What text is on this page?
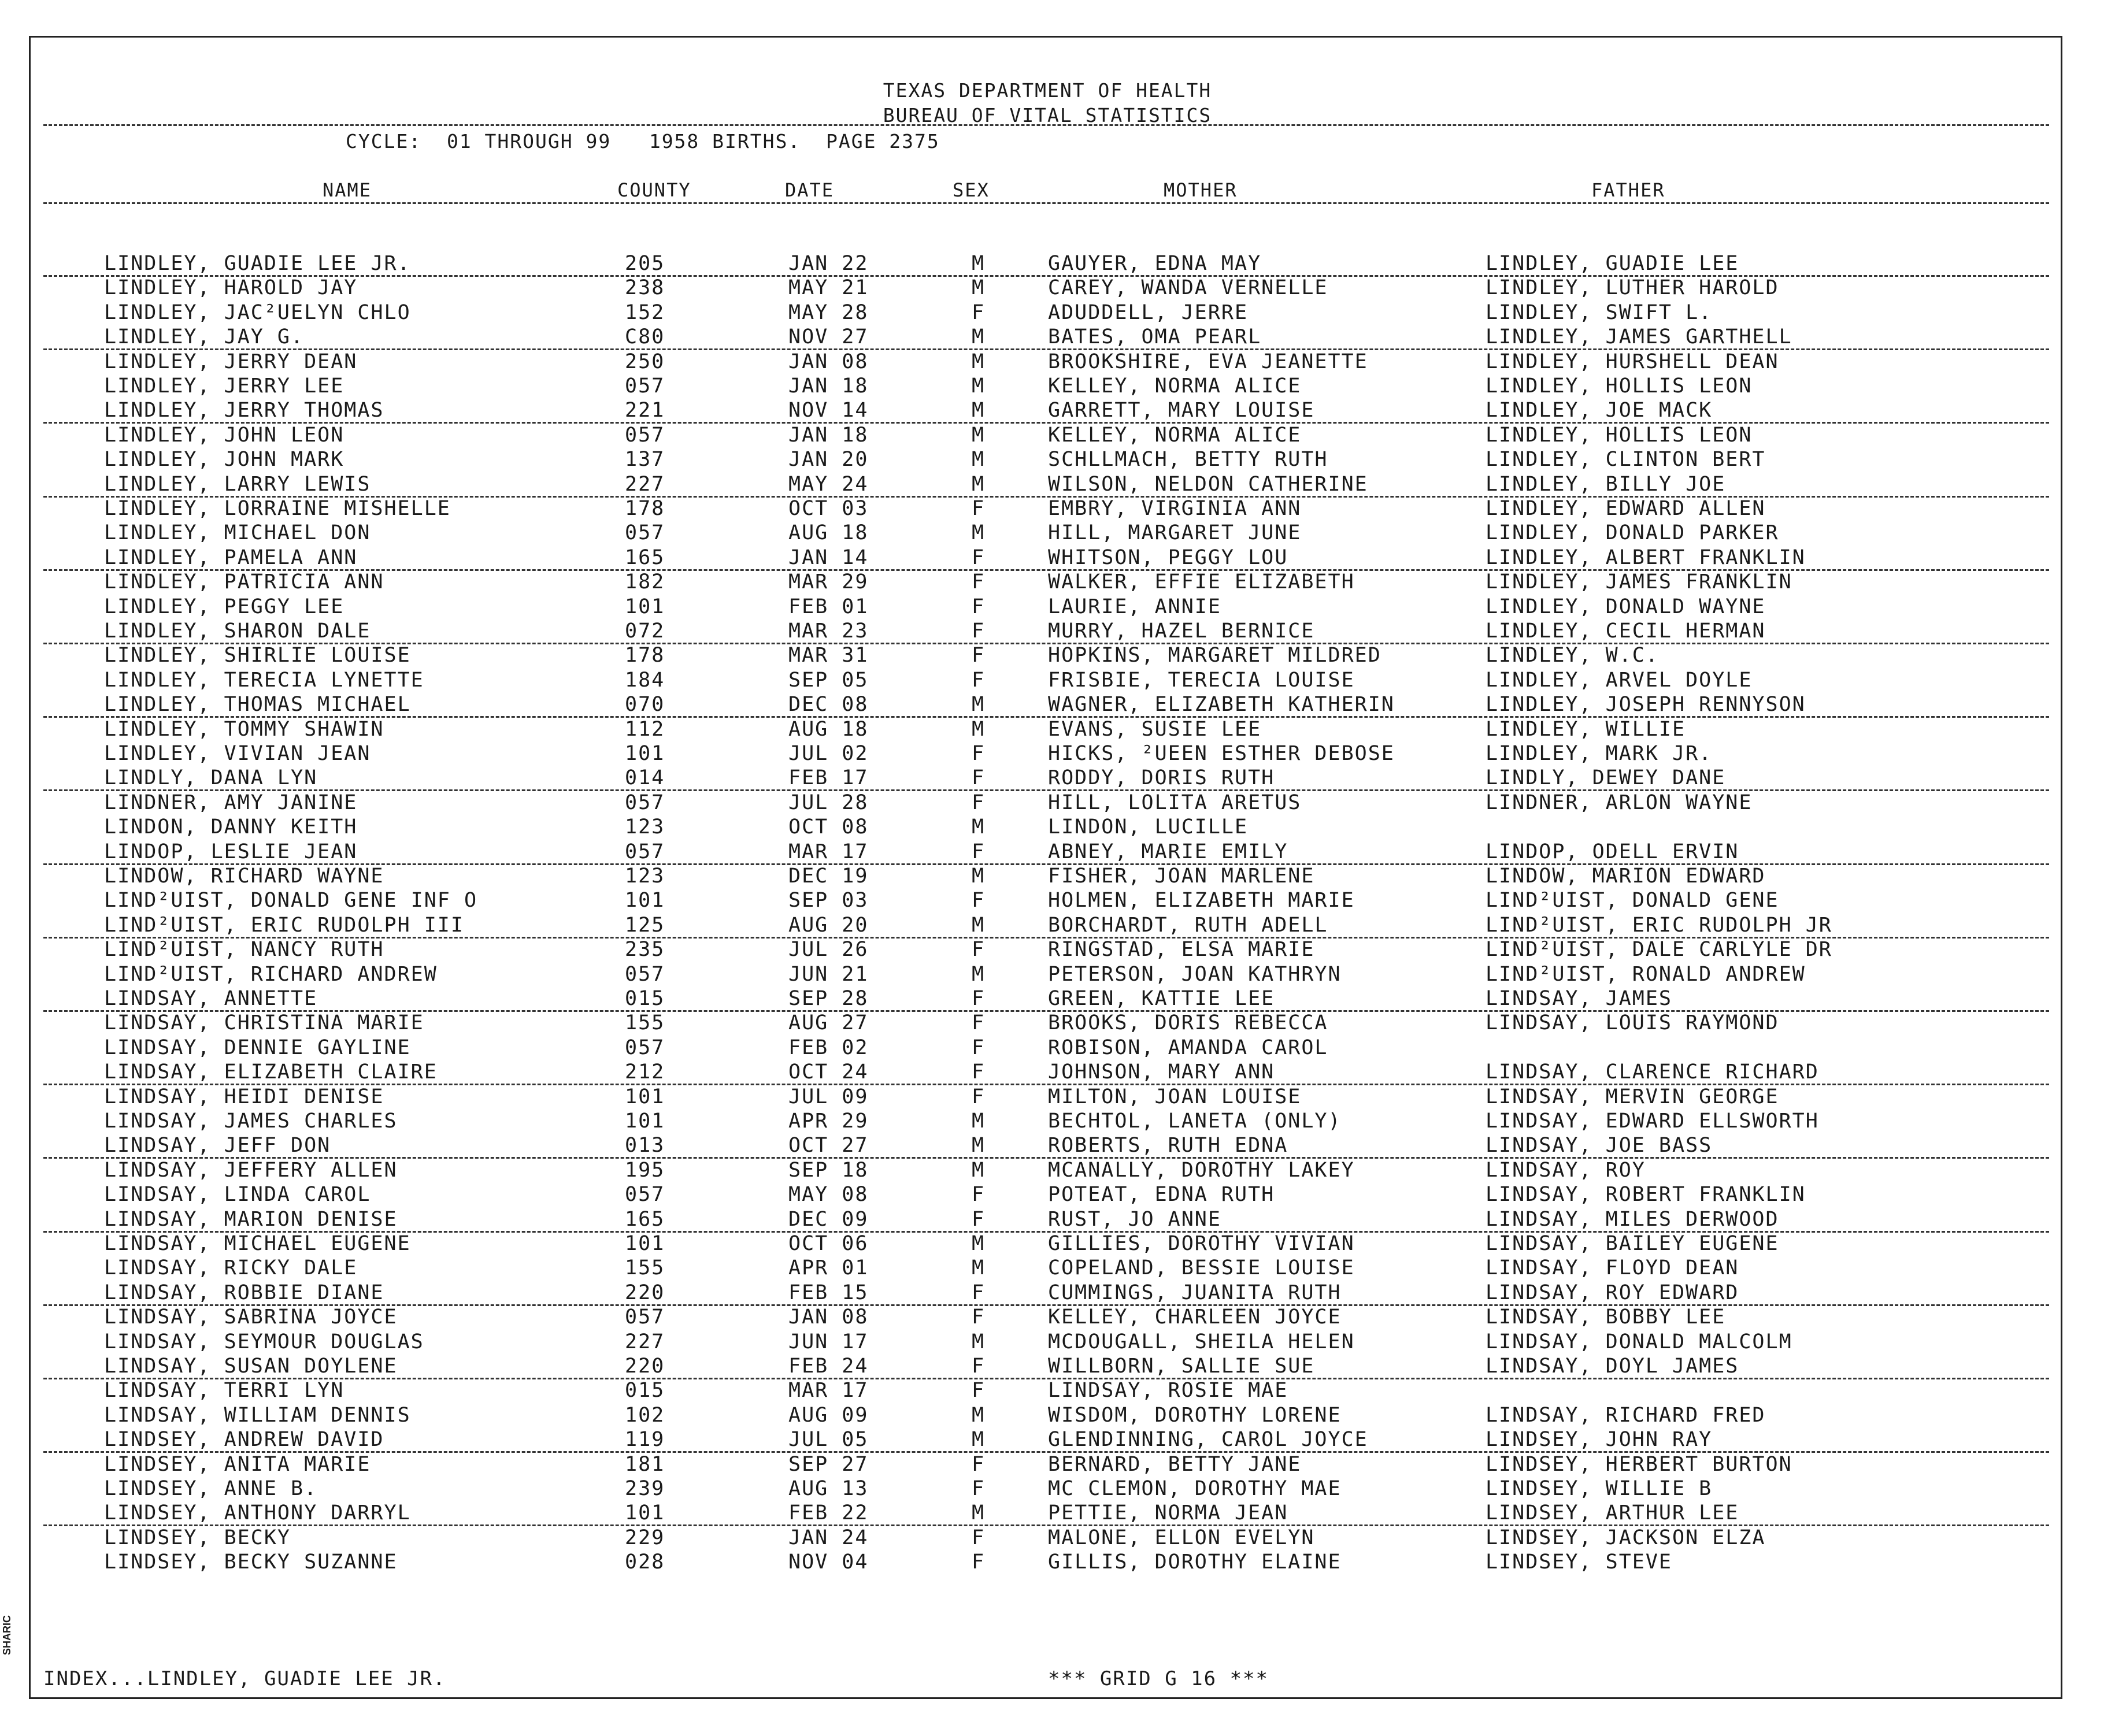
TEXAS DEPARTMENT OF HEALTH
BUREAU OF VITAL STATISTICS
CYCLE:  01 THROUGH 99   1958 BIRTHS.  PAGE 2375
NAME	COUNTY	DATE	SEX	MOTHER	FATHER
LINDLEY, GUADIE LEE JR.	205	JAN 22	M	GAUYER, EDNA MAY	LINDLEY, GUADIE LEE
LINDLEY, HAROLD JAY	238	MAY 21	M	CAREY, WANDA VERNELLE	LINDLEY, LUTHER HAROLD
LINDLEY, JAC²UELYN CHLO	152	MAY 28	F	ADUDDELL, JERRE	LINDLEY, SWIFT L.
LINDLEY, JAY G.	C80	NOV 27	M	BATES, OMA PEARL	LINDLEY, JAMES GARTHELL
LINDLEY, JERRY DEAN	250	JAN 08	M	BROOKSHIRE, EVA JEANETTE	LINDLEY, HURSHELL DEAN
LINDLEY, JERRY LEE	057	JAN 18	M	KELLEY, NORMA ALICE	LINDLEY, HOLLIS LEON
LINDLEY, JERRY THOMAS	221	NOV 14	M	GARRETT, MARY LOUISE	LINDLEY, JOE MACK
LINDLEY, JOHN LEON	057	JAN 18	M	KELLEY, NORMA ALICE	LINDLEY, HOLLIS LEON
LINDLEY, JOHN MARK	137	JAN 20	M	SCHLLMACH, BETTY RUTH	LINDLEY, CLINTON BERT
LINDLEY, LARRY LEWIS	227	MAY 24	M	WILSON, NELDON CATHERINE	LINDLEY, BILLY JOE
LINDLEY, LORRAINE MISHELLE	178	OCT 03	F	EMBRY, VIRGINIA ANN	LINDLEY, EDWARD ALLEN
LINDLEY, MICHAEL DON	057	AUG 18	M	HILL, MARGARET JUNE	LINDLEY, DONALD PARKER
LINDLEY, PAMELA ANN	165	JAN 14	F	WHITSON, PEGGY LOU	LINDLEY, ALBERT FRANKLIN
LINDLEY, PATRICIA ANN	182	MAR 29	F	WALKER, EFFIE ELIZABETH	LINDLEY, JAMES FRANKLIN
LINDLEY, PEGGY LEE	101	FEB 01	F	LAURIE, ANNIE	LINDLEY, DONALD WAYNE
LINDLEY, SHARON DALE	072	MAR 23	F	MURRY, HAZEL BERNICE	LINDLEY, CECIL HERMAN
LINDLEY, SHIRLIE LOUISE	178	MAR 31	F	HOPKINS, MARGARET MILDRED	LINDLEY, W.C.
LINDLEY, TERECIA LYNETTE	184	SEP 05	F	FRISBIE, TERECIA LOUISE	LINDLEY, ARVEL DOYLE
LINDLEY, THOMAS MICHAEL	070	DEC 08	M	WAGNER, ELIZABETH KATHERIN	LINDLEY, JOSEPH RENNYSON
LINDLEY, TOMMY SHAWIN	112	AUG 18	M	EVANS, SUSIE LEE	LINDLEY, WILLIE
LINDLEY, VIVIAN JEAN	101	JUL 02	F	HICKS, ²UEEN ESTHER DEBOSE	LINDLEY, MARK JR.
LINDLY, DANA LYN	014	FEB 17	F	RODDY, DORIS RUTH	LINDLY, DEWEY DANE
LINDNER, AMY JANINE	057	JUL 28	F	HILL, LOLITA ARETUS	LINDNER, ARLON WAYNE
LINDON, DANNY KEITH	123	OCT 08	M	LINDON, LUCILLE
LINDOP, LESLIE JEAN	057	MAR 17	F	ABNEY, MARIE EMILY	LINDOP, ODELL ERVIN
LINDOW, RICHARD WAYNE	123	DEC 19	M	FISHER, JOAN MARLENE	LINDOW, MARION EDWARD
LIND²UIST, DONALD GENE INF O	101	SEP 03	F	HOLMEN, ELIZABETH MARIE	LIND²UIST, DONALD GENE
LIND²UIST, ERIC RUDOLPH III	125	AUG 20	M	BORCHARDT, RUTH ADELL	LIND²UIST, ERIC RUDOLPH JR
LIND²UIST, NANCY RUTH	235	JUL 26	F	RINGSTAD, ELSA MARIE	LIND²UIST, DALE CARLYLE DR
LIND²UIST, RICHARD ANDREW	057	JUN 21	M	PETERSON, JOAN KATHRYN	LIND²UIST, RONALD ANDREW
LINDSAY, ANNETTE	015	SEP 28	F	GREEN, KATTIE LEE	LINDSAY, JAMES
LINDSAY, CHRISTINA MARIE	155	AUG 27	F	BROOKS, DORIS REBECCA	LINDSAY, LOUIS RAYMOND
LINDSAY, DENNIE GAYLINE	057	FEB 02	F	ROBISON, AMANDA CAROL
LINDSAY, ELIZABETH CLAIRE	212	OCT 24	F	JOHNSON, MARY ANN	LINDSAY, CLARENCE RICHARD
LINDSAY, HEIDI DENISE	101	JUL 09	F	MILTON, JOAN LOUISE	LINDSAY, MERVIN GEORGE
LINDSAY, JAMES CHARLES	101	APR 29	M	BECHTOL, LANETA (ONLY)	LINDSAY, EDWARD ELLSWORTH
LINDSAY, JEFF DON	013	OCT 27	M	ROBERTS, RUTH EDNA	LINDSAY, JOE BASS
LINDSAY, JEFFERY ALLEN	195	SEP 18	M	MCANALLY, DOROTHY LAKEY	LINDSAY, ROY
LINDSAY, LINDA CAROL	057	MAY 08	F	POTEAT, EDNA RUTH	LINDSAY, ROBERT FRANKLIN
LINDSAY, MARION DENISE	165	DEC 09	F	RUST, JO ANNE	LINDSAY, MILES DERWOOD
LINDSAY, MICHAEL EUGENE	101	OCT 06	M	GILLIES, DOROTHY VIVIAN	LINDSAY, BAILEY EUGENE
LINDSAY, RICKY DALE	155	APR 01	M	COPELAND, BESSIE LOUISE	LINDSAY, FLOYD DEAN
LINDSAY, ROBBIE DIANE	220	FEB 15	F	CUMMINGS, JUANITA RUTH	LINDSAY, ROY EDWARD
LINDSAY, SABRINA JOYCE	057	JAN 08	F	KELLEY, CHARLEEN JOYCE	LINDSAY, BOBBY LEE
LINDSAY, SEYMOUR DOUGLAS	227	JUN 17	M	MCDOUGALL, SHEILA HELEN	LINDSAY, DONALD MALCOLM
LINDSAY, SUSAN DOYLENE	220	FEB 24	F	WILLBORN, SALLIE SUE	LINDSAY, DOYL JAMES
LINDSAY, TERRI LYN	015	MAR 17	F	LINDSAY, ROSIE MAE
LINDSAY, WILLIAM DENNIS	102	AUG 09	M	WISDOM, DOROTHY LORENE	LINDSAY, RICHARD FRED
LINDSEY, ANDREW DAVID	119	JUL 05	M	GLENDINNING, CAROL JOYCE	LINDSEY, JOHN RAY
LINDSEY, ANITA MARIE	181	SEP 27	F	BERNARD, BETTY JANE	LINDSEY, HERBERT BURTON
LINDSEY, ANNE B.	239	AUG 13	F	MC CLEMON, DOROTHY MAE	LINDSEY, WILLIE B
LINDSEY, ANTHONY DARRYL	101	FEB 22	M	PETTIE, NORMA JEAN	LINDSEY, ARTHUR LEE
LINDSEY, BECKY	229	JAN 24	F	MALONE, ELLON EVELYN	LINDSEY, JACKSON ELZA
LINDSEY, BECKY SUZANNE	028	NOV 04	F	GILLIS, DOROTHY ELAINE	LINDSEY, STEVE
INDEX...LINDLEY, GUADIE LEE JR.	*** GRID G 16 ***
SHARIC
